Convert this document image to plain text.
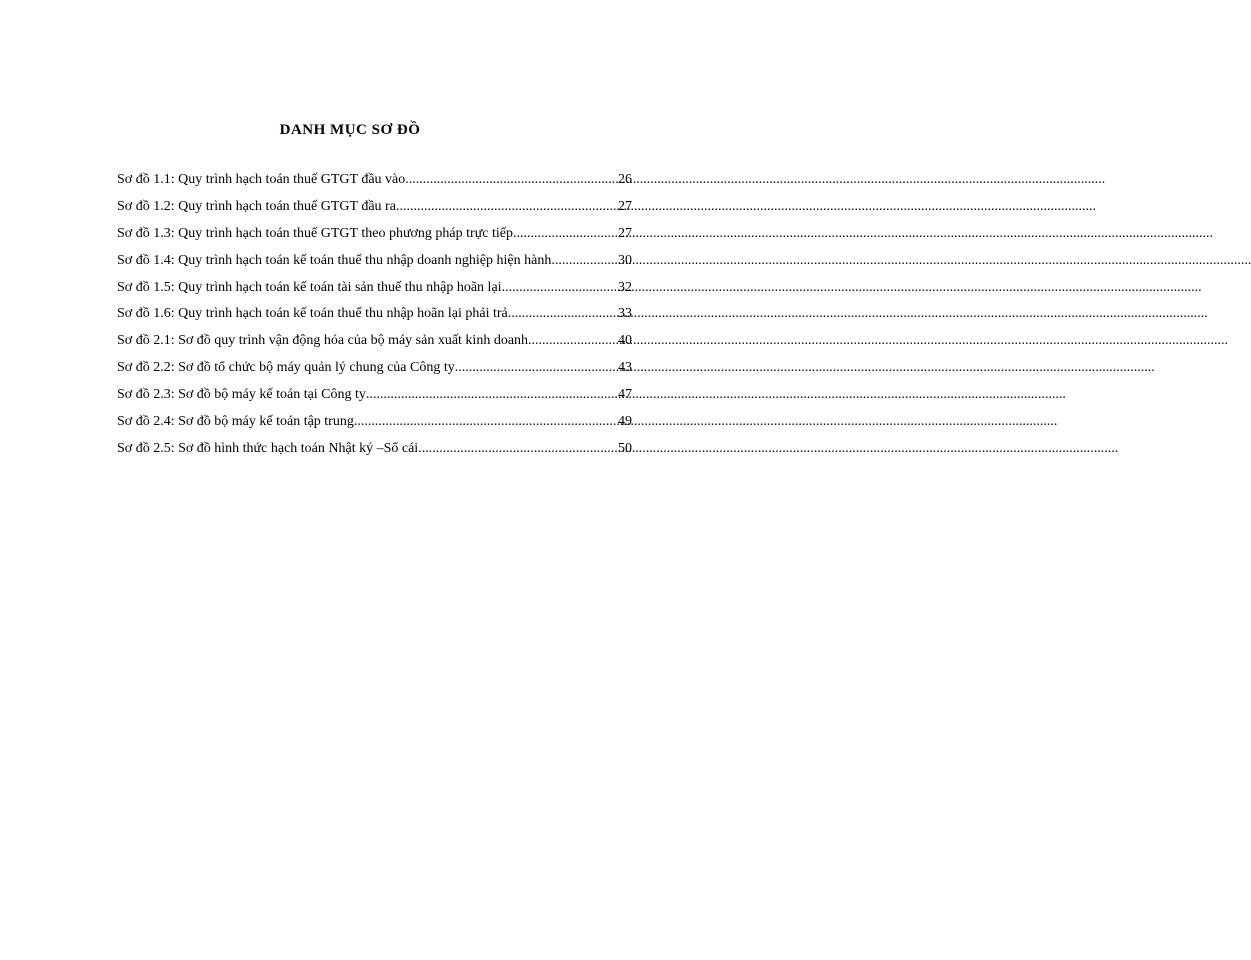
DANH MỤC SƠ ĐỒ
Sơ đồ 1.1: Quy trình hạch toán thuế GTGT đầu vào .....	26
Sơ đồ 1.2: Quy trình hạch toán thuế GTGT đầu ra .....	27
Sơ đồ 1.3: Quy trình hạch toán thuế GTGT theo phương pháp trực tiếp .....	27
Sơ đồ 1.4: Quy trình hạch toán kế toán thuế thu nhập doanh nghiệp hiện hành .....	30
Sơ đồ 1.5: Quy trình hạch toán kế toán tài sản thuế thu nhập hoãn lại .....	32
Sơ đồ 1.6: Quy trình hạch toán kế toán thuế thu nhập hoãn lại phải trả .....	33
Sơ đồ 2.1: Sơ đồ quy trình vận động hóa của bộ máy sản xuất kinh doanh .....	40
Sơ đồ 2.2: Sơ đồ tổ chức bộ máy quản lý chung của Công ty .....	43
Sơ đồ 2.3: Sơ đồ bộ máy kế toán tại Công ty .....	47
Sơ đồ 2.4: Sơ đồ bộ máy kế toán tập trung. .....	49
Sơ đồ 2.5: Sơ đồ hình thức hạch toán Nhật ký –Sổ cái .....	50
